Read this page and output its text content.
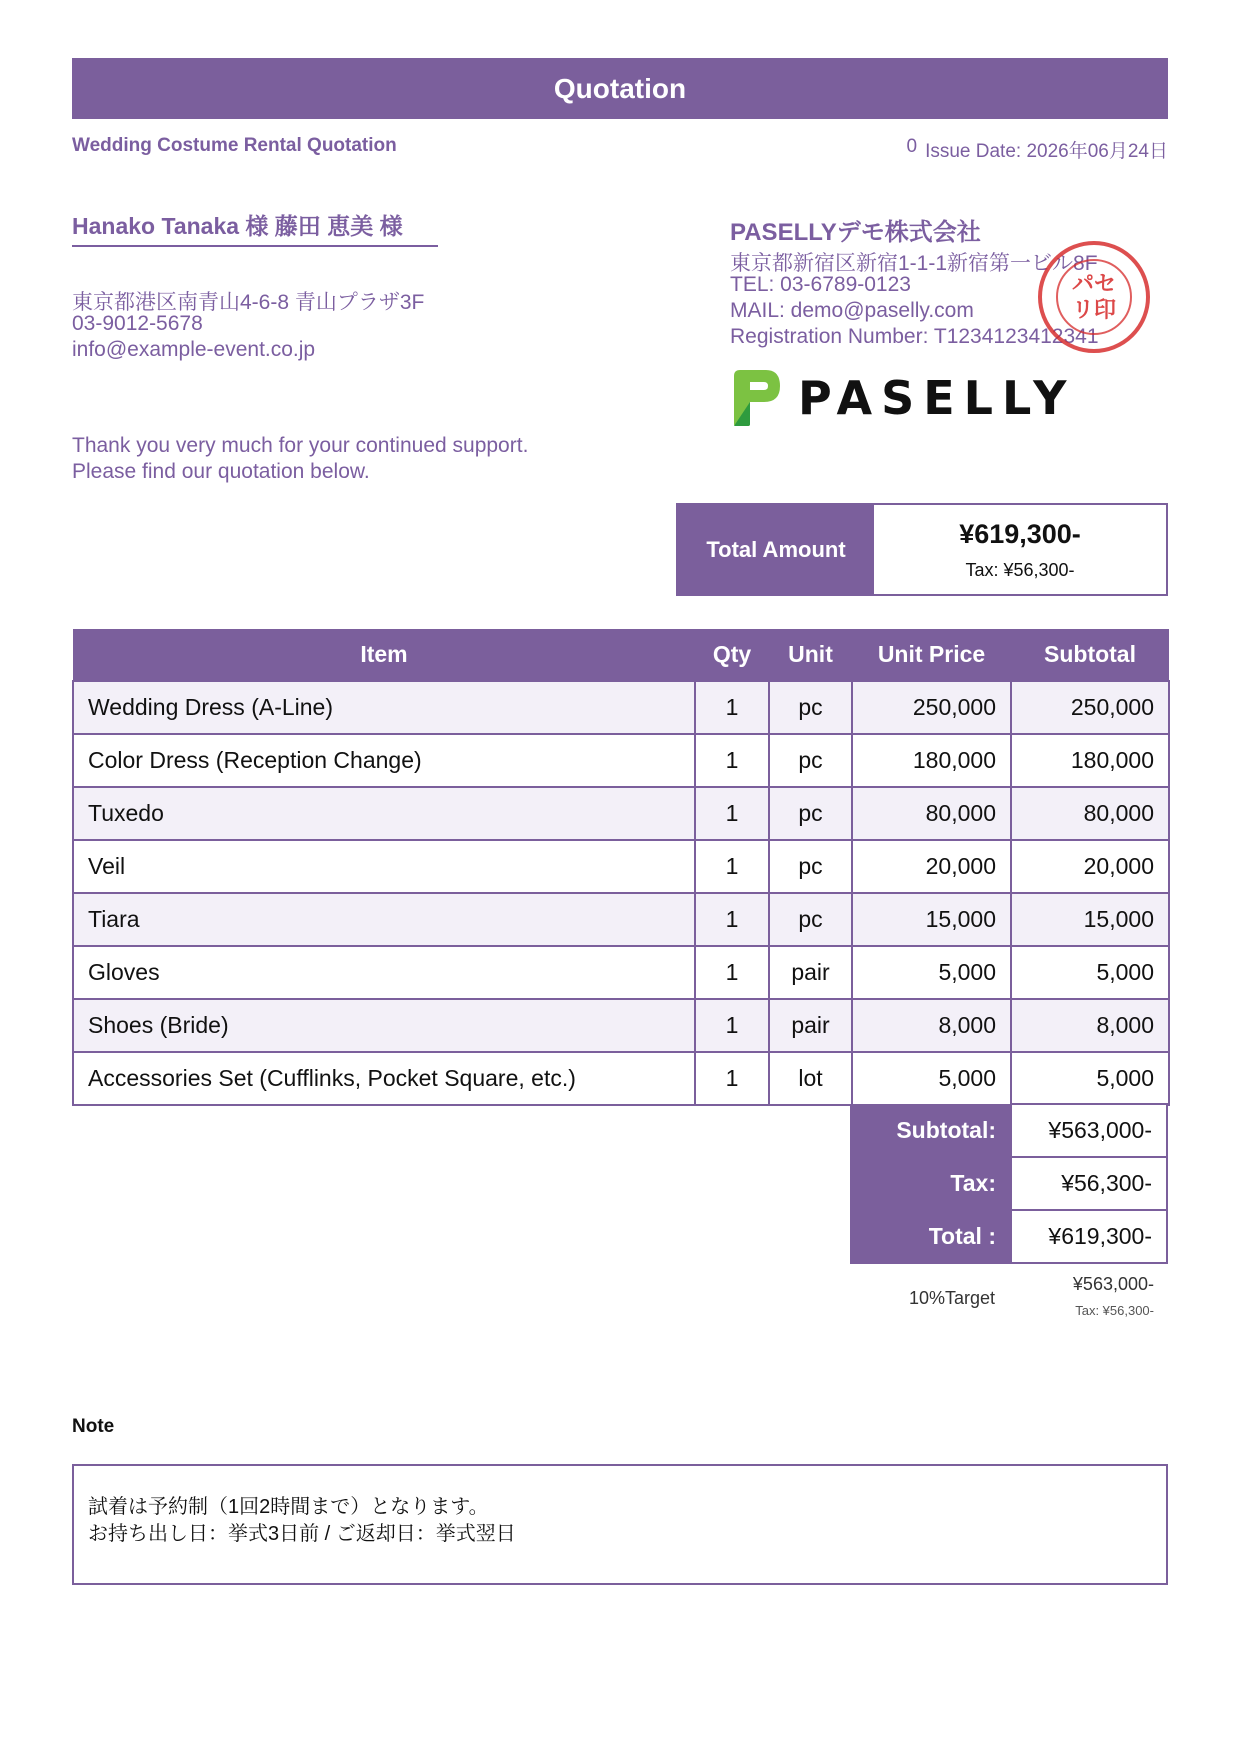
Quotation
Wedding Costume Rental Quotation	0 Issue Date: 2026年06月24日
Hanako Tanaka 様 藤田 恵美 様
東京都港区南青山4-6-8 青山プラザ3F
03-9012-5678
info@example-event.co.jp
PASELLYデモ株式会社
東京都新宿区新宿1-1-1新宿第一ビル8F
TEL: 03-6789-0123
MAIL: demo@paselly.com
Registration Number: T1234123412341
パセ
リ印
PASELLY
Thank you very much for your continued support.
Please find our quotation below.
Total Amount
¥619,300-
Tax: ¥56,300-
Item	Qty	Unit	Unit Price	Subtotal
Wedding Dress (A-Line)	1	pc	250,000	250,000
Color Dress (Reception Change)	1	pc	180,000	180,000
Tuxedo	1	pc	80,000	80,000
Veil	1	pc	20,000	20,000
Tiara	1	pc	15,000	15,000
Gloves	1	pair	5,000	5,000
Shoes (Bride)	1	pair	8,000	8,000
Accessories Set (Cufflinks, Pocket Square, etc.)	1	lot	5,000	5,000
Subtotal:	¥563,000-
Tax:	¥56,300-
Total :	¥619,300-
10%Target
¥563,000-
Tax: ¥56,300-
Note
試着は予約制（1回2時間まで）となります。
お持ち出し日：挙式3日前 / ご返却日：挙式翌日
